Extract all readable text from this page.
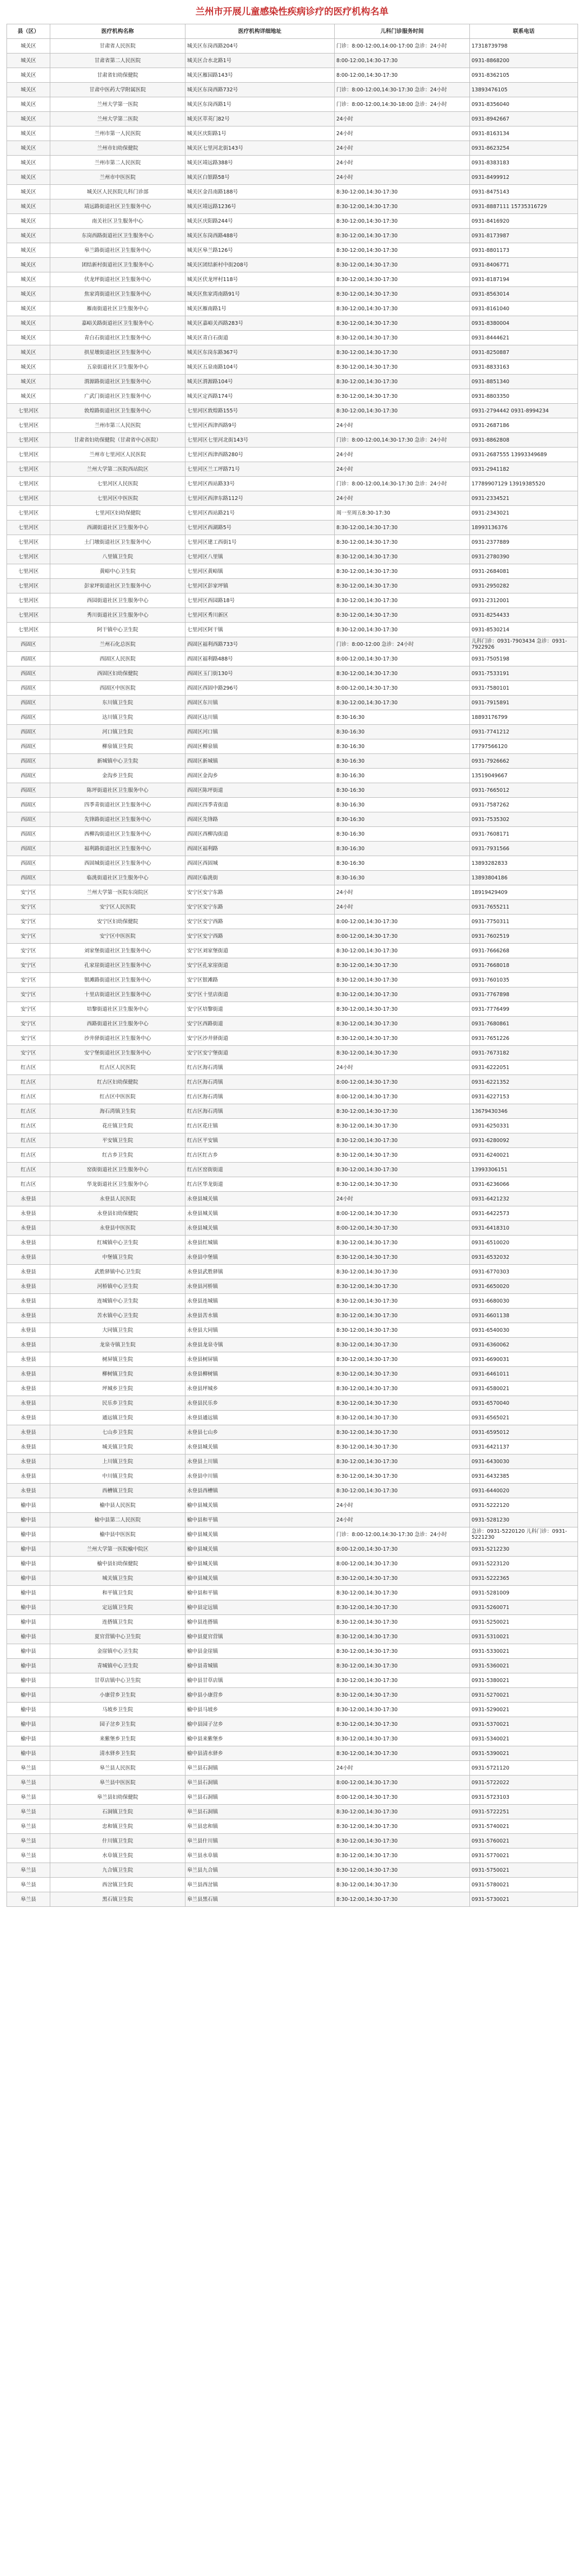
兰州市开展儿童感染性疾病诊疗的医疗机构名单
县（区）	医疗机构名称	医疗机构详细地址	儿科门诊服务时间	联系电话
城关区	甘肃省人民医院	城关区东岗西路204号	门诊：8:00-12:00,14:00-17:00 急诊：24小时	17318739798
城关区	甘肃省第二人民医院	城关区合水北路1号	8:00-12:00,14:30-17:30	0931-8868200
城关区	甘肃省妇幼保健院	城关区雁园路143号	8:00-12:00,14:30-17:30	0931-8362105
城关区	甘肃中医药大学附属医院	城关区东岗西路732号	门诊：8:00-12:00,14:30-17:30 急诊：24小时	13893476105
城关区	兰州大学第一医院	城关区东岗西路1号	门诊：8:00-12:00,14:30-18:00 急诊：24小时	0931-8356040
城关区	兰州大学第二医院	城关区萃英门82号	24小时	0931-8942667
城关区	兰州市第一人民医院	城关区庆阳路1号	24小时	0931-8163134
城关区	兰州市妇幼保健院	城关区七里河北街143号	24小时	0931-8623254
城关区	兰州市第二人民医院	城关区靖远路388号	24小时	0931-8383183
城关区	兰州市中医医院	城关区白银路58号	24小时	0931-8499912
城关区	城关区人民医院儿科门诊部	城关区金昌南路188号	8:30-12:00,14:30-17:30	0931-8475143
城关区	靖远路街道社区卫生服务中心	城关区靖远路1236号	8:30-12:00,14:30-17:30	0931-8887111 15735316729
城关区	南关社区卫生服务中心	城关区庆阳路244号	8:30-12:00,14:30-17:30	0931-8416920
城关区	东岗西路街道社区卫生服务中心	城关区东岗西路488号	8:30-12:00,14:30-17:30	0931-8173987
城关区	皋兰路街道社区卫生服务中心	城关区皋兰路126号	8:30-12:00,14:30-17:30	0931-8801173
城关区	团结新村街道社区卫生服务中心	城关区团结新村中街208号	8:30-12:00,14:30-17:30	0931-8406771
城关区	伏龙坪街道社区卫生服务中心	城关区伏龙坪村118号	8:30-12:00,14:30-17:30	0931-8187194
城关区	焦家湾街道社区卫生服务中心	城关区焦家湾南路91号	8:30-12:00,14:30-17:30	0931-8563014
城关区	雁南街道社区卫生服务中心	城关区雁南路1号	8:30-12:00,14:30-17:30	0931-8161040
城关区	嘉峪关路街道社区卫生服务中心	城关区嘉峪关西路283号	8:30-12:00,14:30-17:30	0931-8380004
城关区	青白石街道社区卫生服务中心	城关区青白石街道	8:30-12:00,14:30-17:30	0931-8444621
城关区	拱星墩街道社区卫生服务中心	城关区东岗东路367号	8:30-12:00,14:30-17:30	0931-8250887
城关区	五泉街道社区卫生服务中心	城关区五泉南路104号	8:30-12:00,14:30-17:30	0931-8833163
城关区	渭源路街道社区卫生服务中心	城关区渭源路104号	8:30-12:00,14:30-17:30	0931-8851340
城关区	广武门街道社区卫生服务中心	城关区定西路174号	8:30-12:00,14:30-17:30	0931-8803350
七里河区	敦煌路街道社区卫生服务中心	七里河区敦煌路155号	8:30-12:00,14:30-17:30	0931-2794442 0931-8994234
七里河区	兰州市第三人民医院	七里河区西津西路9号	24小时	0931-2687186
七里河区	甘肃省妇幼保健院（甘肃省中心医院）	七里河区七里河北街143号	门诊：8:00-12:00,14:30-17:30 急诊：24小时	0931-8862808
七里河区	兰州市七里河区人民医院	七里河区西津西路280号	24小时	0931-2687555 13993349689
七里河区	兰州大学第二医院西站院区	七里河区兰工坪路71号	24小时	0931-2941182
七里河区	七里河区人民医院	七里河区西站路33号	门诊：8:00-12:00,14:30-17:30 急诊：24小时	17789907129 13919385520
七里河区	七里河区中医医院	七里河区西津东路112号	24小时	0931-2334521
七里河区	七里河区妇幼保健院	七里河区西站路21号	周一至周五8:30-17:30	0931-2343021
七里河区	西湖街道社区卫生服务中心	七里河区西湖路5号	8:30-12:00,14:30-17:30	18993136376
七里河区	土门墩街道社区卫生服务中心	七里河区建工西街1号	8:30-12:00,14:30-17:30	0931-2377889
七里河区	八里镇卫生院	七里河区八里镇	8:30-12:00,14:30-17:30	0931-2780390
七里河区	黄峪中心卫生院	七里河区黄峪镇	8:30-12:00,14:30-17:30	0931-2684081
七里河区	彭家坪街道社区卫生服务中心	七里河区彭家坪镇	8:30-12:00,14:30-17:30	0931-2950282
七里河区	西园街道社区卫生服务中心	七里河区西园路18号	8:30-12:00,14:30-17:30	0931-2312001
七里河区	秀川街道社区卫生服务中心	七里河区秀川新区	8:30-12:00,14:30-17:30	0931-8254433
七里河区	阿干镇中心卫生院	七里河区阿干镇	8:30-12:00,14:30-17:30	0931-8530214
西固区	兰州石化总医院	西固区福利西路733号	门诊：8:00-12:00 急诊：24小时	儿科门诊：0931-7903434 急诊：0931-7922926
西固区	西固区人民医院	西固区福利路488号	8:00-12:00,14:30-17:30	0931-7505198
西固区	西固区妇幼保健院	西固区玉门街130号	8:30-12:00,14:30-17:30	0931-7533191
西固区	西固区中医医院	西固区西固中路296号	8:00-12:00,14:30-17:30	0931-7580101
西固区	东川镇卫生院	西固区东川镇	8:30-12:00,14:30-17:30	0931-7915891
西固区	达川镇卫生院	西固区达川镇	8:30-16:30	18893176799
西固区	河口镇卫生院	西固区河口镇	8:30-16:30	0931-7741212
西固区	柳泉镇卫生院	西固区柳泉镇	8:30-16:30	17797566120
西固区	新城镇中心卫生院	西固区新城镇	8:30-16:30	0931-7926662
西固区	金沟乡卫生院	西固区金沟乡	8:30-16:30	13519049667
西固区	陈坪街道社区卫生服务中心	西固区陈坪街道	8:30-16:30	0931-7665012
西固区	四季青街道社区卫生服务中心	西固区四季青街道	8:30-16:30	0931-7587262
西固区	先锋路街道社区卫生服务中心	西固区先锋路	8:30-16:30	0931-7535302
西固区	西柳沟街道社区卫生服务中心	西固区西柳沟街道	8:30-16:30	0931-7608171
西固区	福利路街道社区卫生服务中心	西固区福利路	8:30-16:30	0931-7931566
西固区	西固城街道社区卫生服务中心	西固区西固城	8:30-16:30	13893282833
西固区	临洮街道社区卫生服务中心	西固区临洮街	8:30-16:30	13893804186
安宁区	兰州大学第一医院东岗院区	安宁区安宁东路	24小时	18919429409
安宁区	安宁区人民医院	安宁区安宁东路	24小时	0931-7655211
安宁区	安宁区妇幼保健院	安宁区安宁西路	8:00-12:00,14:30-17:30	0931-7750311
安宁区	安宁区中医医院	安宁区安宁西路	8:00-12:00,14:30-17:30	0931-7602519
安宁区	刘家堡街道社区卫生服务中心	安宁区刘家堡街道	8:30-12:00,14:30-17:30	0931-7666268
安宁区	孔家崖街道社区卫生服务中心	安宁区孔家崖街道	8:30-12:00,14:30-17:30	0931-7668018
安宁区	银滩路街道社区卫生服务中心	安宁区银滩路	8:30-12:00,14:30-17:30	0931-7601035
安宁区	十里店街道社区卫生服务中心	安宁区十里店街道	8:30-12:00,14:30-17:30	0931-7767898
安宁区	培黎街道社区卫生服务中心	安宁区培黎街道	8:30-12:00,14:30-17:30	0931-7776499
安宁区	西路街道社区卫生服务中心	安宁区西路街道	8:30-12:00,14:30-17:30	0931-7680861
安宁区	沙井驿街道社区卫生服务中心	安宁区沙井驿街道	8:30-12:00,14:30-17:30	0931-7651226
安宁区	安宁堡街道社区卫生服务中心	安宁区安宁堡街道	8:30-12:00,14:30-17:30	0931-7673182
红古区	红古区人民医院	红古区海石湾镇	24小时	0931-6222051
红古区	红古区妇幼保健院	红古区海石湾镇	8:00-12:00,14:30-17:30	0931-6221352
红古区	红古区中医医院	红古区海石湾镇	8:00-12:00,14:30-17:30	0931-6227153
红古区	海石湾镇卫生院	红古区海石湾镇	8:30-12:00,14:30-17:30	13679430346
红古区	花庄镇卫生院	红古区花庄镇	8:30-12:00,14:30-17:30	0931-6250331
红古区	平安镇卫生院	红古区平安镇	8:30-12:00,14:30-17:30	0931-6280092
红古区	红古乡卫生院	红古区红古乡	8:30-12:00,14:30-17:30	0931-6240021
红古区	窑街街道社区卫生服务中心	红古区窑街街道	8:30-12:00,14:30-17:30	13993306151
红古区	华龙街道社区卫生服务中心	红古区华龙街道	8:30-12:00,14:30-17:30	0931-6236066
永登县	永登县人民医院	永登县城关镇	24小时	0931-6421232
永登县	永登县妇幼保健院	永登县城关镇	8:00-12:00,14:30-17:30	0931-6422573
永登县	永登县中医医院	永登县城关镇	8:00-12:00,14:30-17:30	0931-6418310
永登县	红城镇中心卫生院	永登县红城镇	8:30-12:00,14:30-17:30	0931-6510020
永登县	中堡镇卫生院	永登县中堡镇	8:30-12:00,14:30-17:30	0931-6532032
永登县	武胜驿镇中心卫生院	永登县武胜驿镇	8:30-12:00,14:30-17:30	0931-6770303
永登县	河桥镇中心卫生院	永登县河桥镇	8:30-12:00,14:30-17:30	0931-6650020
永登县	连城镇中心卫生院	永登县连城镇	8:30-12:00,14:30-17:30	0931-6680030
永登县	苦水镇中心卫生院	永登县苦水镇	8:30-12:00,14:30-17:30	0931-6601138
永登县	大同镇卫生院	永登县大同镇	8:30-12:00,14:30-17:30	0931-6540030
永登县	龙泉寺镇卫生院	永登县龙泉寺镇	8:30-12:00,14:30-17:30	0931-6360062
永登县	树屏镇卫生院	永登县树屏镇	8:30-12:00,14:30-17:30	0931-6690031
永登县	柳树镇卫生院	永登县柳树镇	8:30-12:00,14:30-17:30	0931-6461011
永登县	坪城乡卫生院	永登县坪城乡	8:30-12:00,14:30-17:30	0931-6580021
永登县	民乐乡卫生院	永登县民乐乡	8:30-12:00,14:30-17:30	0931-6570040
永登县	通远镇卫生院	永登县通远镇	8:30-12:00,14:30-17:30	0931-6565021
永登县	七山乡卫生院	永登县七山乡	8:30-12:00,14:30-17:30	0931-6595012
永登县	城关镇卫生院	永登县城关镇	8:30-12:00,14:30-17:30	0931-6421137
永登县	上川镇卫生院	永登县上川镇	8:30-12:00,14:30-17:30	0931-6430030
永登县	中川镇卫生院	永登县中川镇	8:30-12:00,14:30-17:30	0931-6432385
永登县	西槽镇卫生院	永登县西槽镇	8:30-12:00,14:30-17:30	0931-6440020
榆中县	榆中县人民医院	榆中县城关镇	24小时	0931-5222120
榆中县	榆中县第二人民医院	榆中县和平镇	24小时	0931-5281230
榆中县	榆中县中医医院	榆中县城关镇	门诊：8:00-12:00,14:30-17:30 急诊：24小时	急诊：0931-5220120 儿科门诊：0931-5221230
榆中县	兰州大学第一医院榆中院区	榆中县城关镇	8:00-12:00,14:30-17:30	0931-5212230
榆中县	榆中县妇幼保健院	榆中县城关镇	8:00-12:00,14:30-17:30	0931-5223120
榆中县	城关镇卫生院	榆中县城关镇	8:30-12:00,14:30-17:30	0931-5222365
榆中县	和平镇卫生院	榆中县和平镇	8:30-12:00,14:30-17:30	0931-5281009
榆中县	定远镇卫生院	榆中县定远镇	8:30-12:00,14:30-17:30	0931-5260071
榆中县	连搭镇卫生院	榆中县连搭镇	8:30-12:00,14:30-17:30	0931-5250021
榆中县	夏官营镇中心卫生院	榆中县夏官营镇	8:30-12:00,14:30-17:30	0931-5310021
榆中县	金崖镇中心卫生院	榆中县金崖镇	8:30-12:00,14:30-17:30	0931-5330021
榆中县	青城镇中心卫生院	榆中县青城镇	8:30-12:00,14:30-17:30	0931-5360021
榆中县	甘草店镇中心卫生院	榆中县甘草店镇	8:30-12:00,14:30-17:30	0931-5380021
榆中县	小康营乡卫生院	榆中县小康营乡	8:30-12:00,14:30-17:30	0931-5270021
榆中县	马坡乡卫生院	榆中县马坡乡	8:30-12:00,14:30-17:30	0931-5290021
榆中县	园子岔乡卫生院	榆中县园子岔乡	8:30-12:00,14:30-17:30	0931-5370021
榆中县	来紫堡乡卫生院	榆中县来紫堡乡	8:30-12:00,14:30-17:30	0931-5340021
榆中县	清水驿乡卫生院	榆中县清水驿乡	8:30-12:00,14:30-17:30	0931-5390021
皋兰县	皋兰县人民医院	皋兰县石洞镇	24小时	0931-5721120
皋兰县	皋兰县中医医院	皋兰县石洞镇	8:00-12:00,14:30-17:30	0931-5722022
皋兰县	皋兰县妇幼保健院	皋兰县石洞镇	8:00-12:00,14:30-17:30	0931-5723103
皋兰县	石洞镇卫生院	皋兰县石洞镇	8:30-12:00,14:30-17:30	0931-5722251
皋兰县	忠和镇卫生院	皋兰县忠和镇	8:30-12:00,14:30-17:30	0931-5740021
皋兰县	什川镇卫生院	皋兰县什川镇	8:30-12:00,14:30-17:30	0931-5760021
皋兰县	水阜镇卫生院	皋兰县水阜镇	8:30-12:00,14:30-17:30	0931-5770021
皋兰县	九合镇卫生院	皋兰县九合镇	8:30-12:00,14:30-17:30	0931-5750021
皋兰县	西岔镇卫生院	皋兰县西岔镇	8:30-12:00,14:30-17:30	0931-5780021
皋兰县	黑石镇卫生院	皋兰县黑石镇	8:30-12:00,14:30-17:30	0931-5730021
